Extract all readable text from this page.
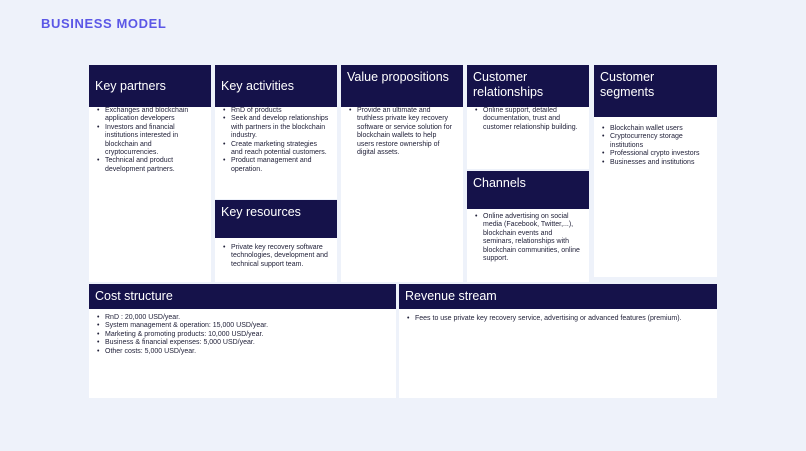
BUSINESS MODEL
Key partners
• Exchanges and blockchain application developers
• Investors and financial institutions interested in blockchain and cryptocurrencies.
• Technical and product development partners.
Key activities
• RnD of products
• Seek and develop relationships with partners in the blockchain industry.
• Create marketing strategies and reach potential customers.
• Product management and operation.
Key resources
• Private key recovery software technologies, development and technical support team.
Value propositions
• Provide an ultimate and truthless private key recovery software or service solution for blockchain wallets to help users restore ownership of digital assets.
Customer relationships
• Online support, detailed documentation, trust and customer relationship building.
Channels
• Online advertising on social media (Facebook, Twitter,...), blockchain events and seminars, relationships with blockchain communities, online support.
Customer segments
• Blockchain wallet users
• Cryptocurrency storage institutions
• Professional crypto investors
• Businesses and institutions
Cost structure
• RnD : 20,000 USD/year.
• System management & operation: 15,000 USD/year.
• Marketing & promoting products: 10,000 USD/year.
• Business & financial expenses: 5,000 USD/year.
• Other costs: 5,000 USD/year.
Revenue stream
• Fees to use private key recovery service, advertising or advanced features (premium).
